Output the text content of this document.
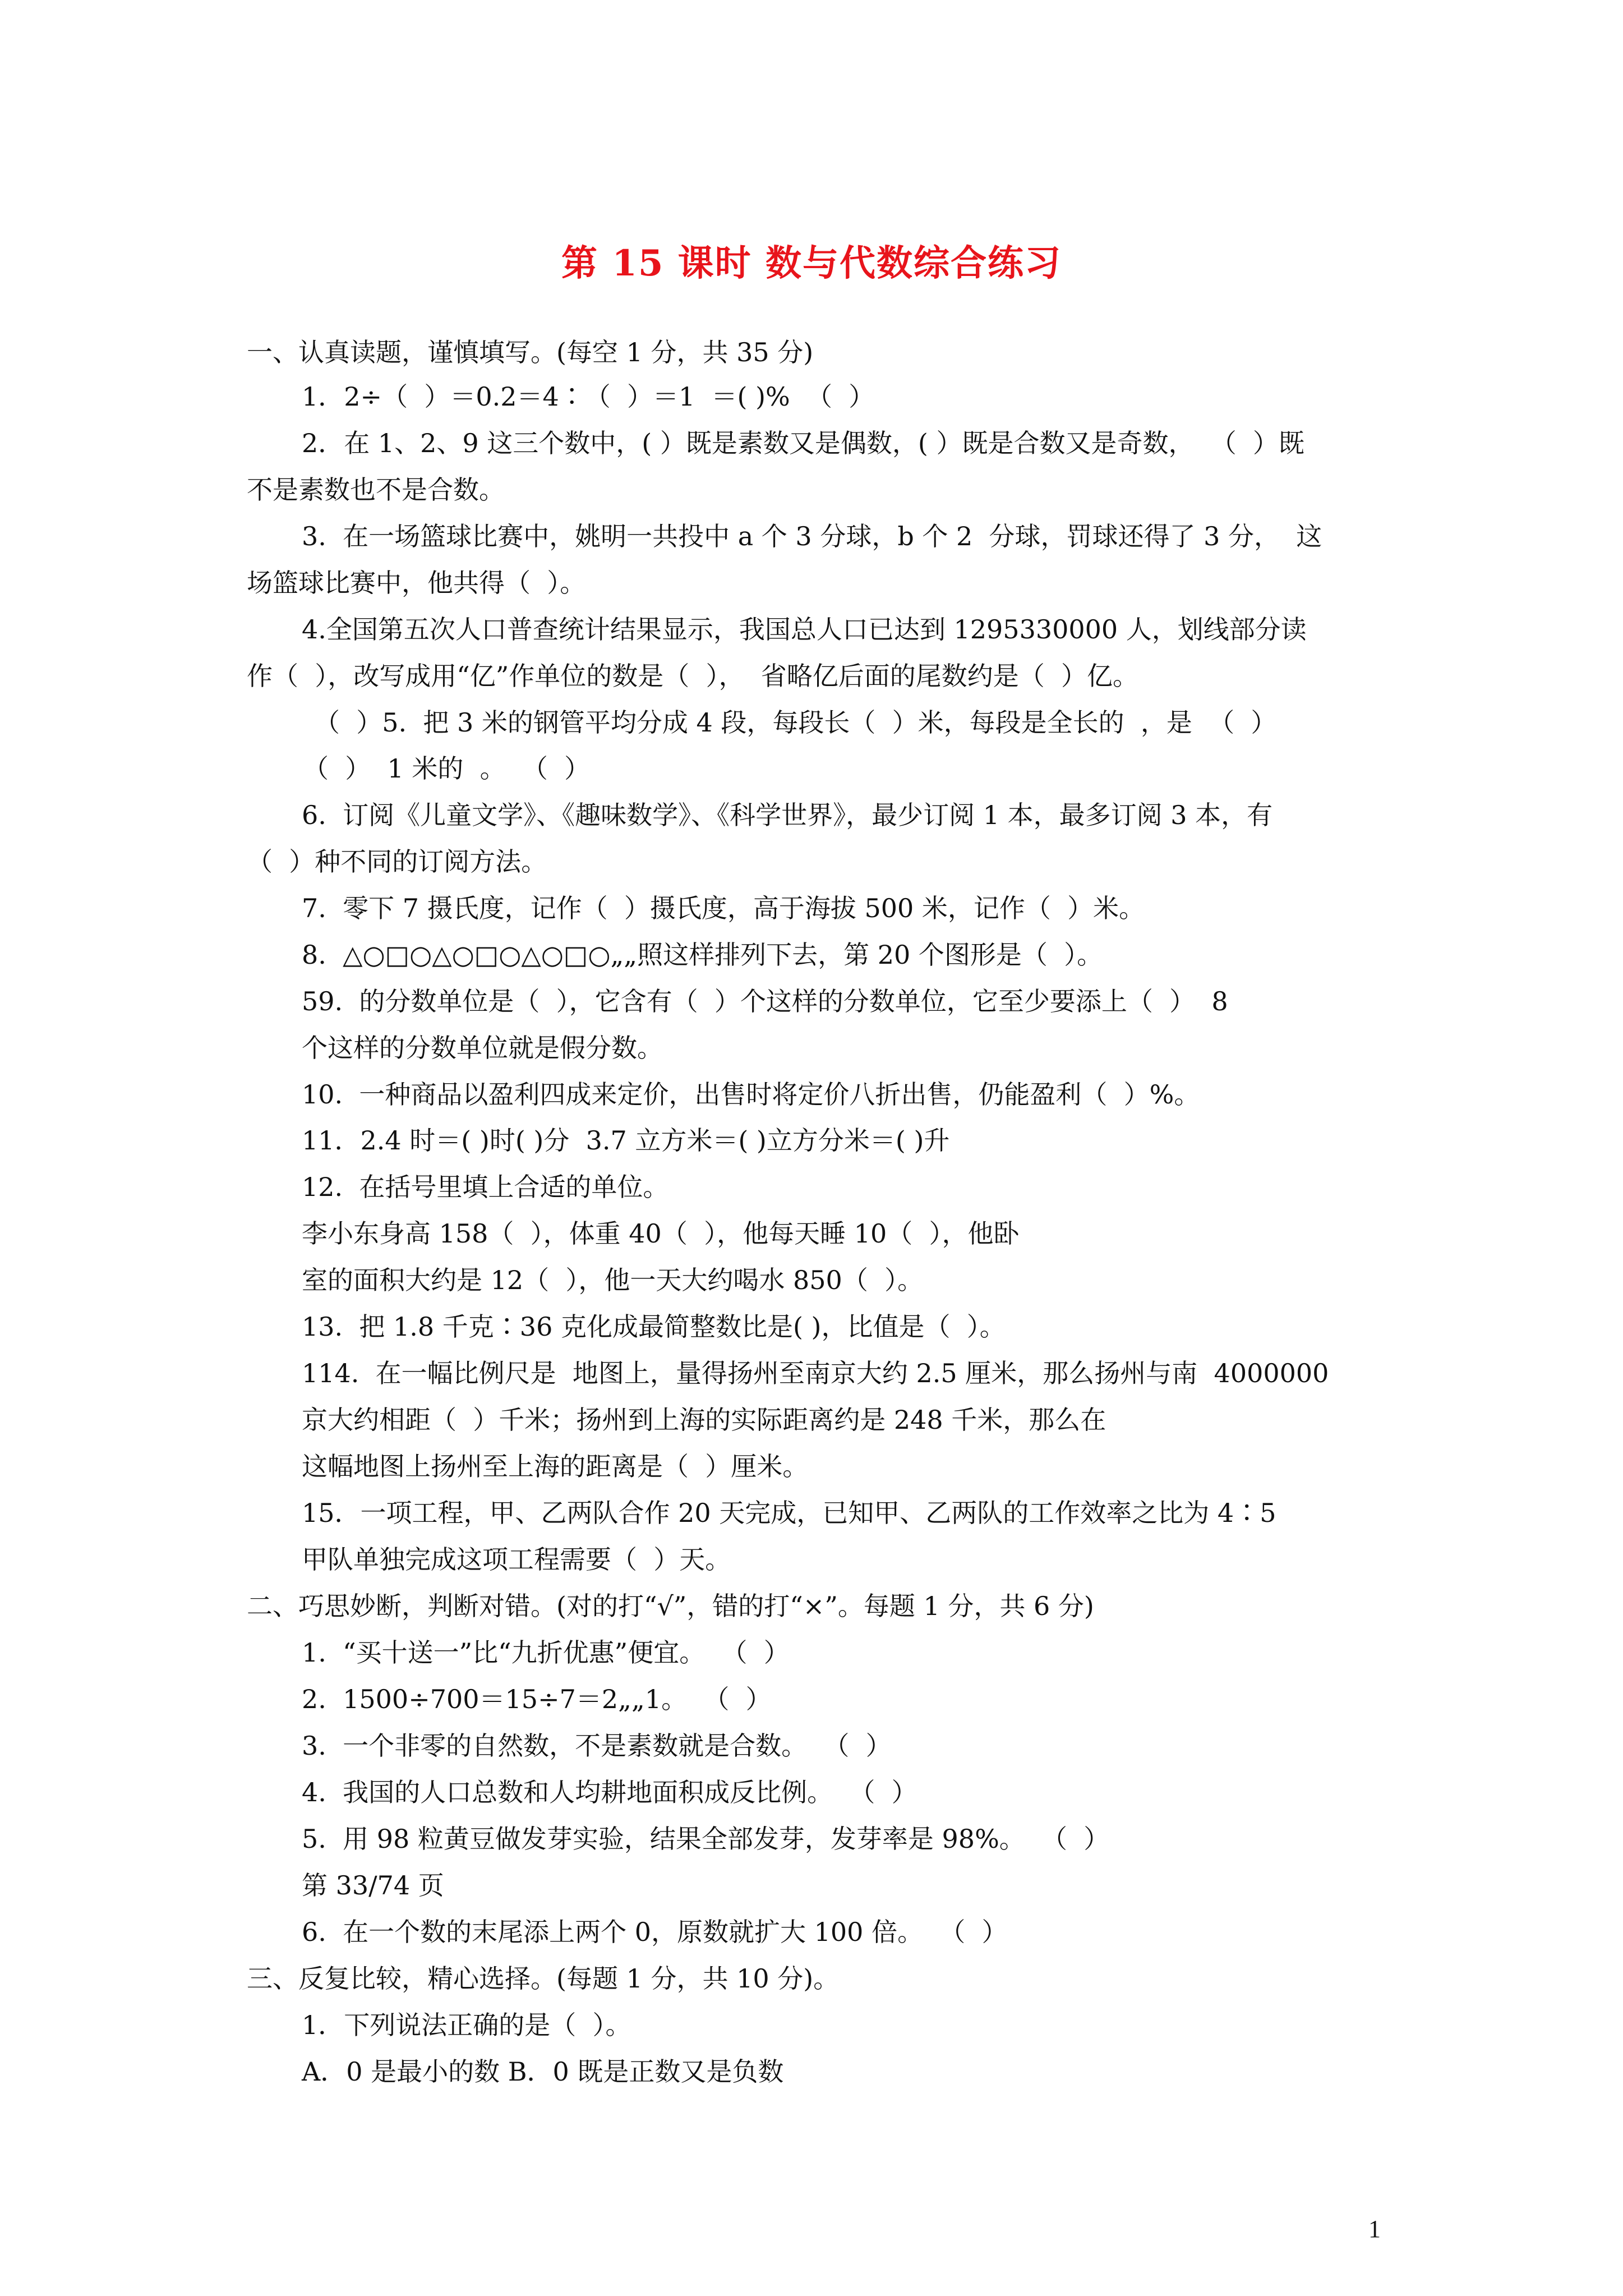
第 15 课时 数与代数综合练习
一、认真读题，谨慎填写。(每空 1 分，共 35 分)
1．2÷（  ）＝0.2＝4∶（  ）＝1  ＝( )%  （  ）
2．在 1、2、9 这三个数中，( ）既是素数又是偶数，( ）既是合数又是奇数，  （  ）既
不是素数也不是合数。
3.  在一场篮球比赛中，姚明一共投中 a 个 3 分球，b 个 2  分球，罚球还得了 3 分，  这
场篮球比赛中，他共得（  ）。
4.全国第五次人口普查统计结果显示，我国总人口已达到 1295330000 人，划线部分读
作（  ），改写成用“亿”作单位的数是（  ），  省略亿后面的尾数约是（  ）亿。
（  ）5.  把 3 米的钢管平均分成 4 段，每段长（  ）米，每段是全长的  ，是  （  ）
（  ）  1 米的  。  （  ）
6.  订阅《儿童文学》、《趣味数学》、《科学世界》，最少订阅 1 本，最多订阅 3 本，有
（  ）种不同的订阅方法。
7.  零下 7 摄氏度，记作（  ）摄氏度，高于海拔 500 米，记作（  ）米。
8.  △○□○△○□○△○□○„„照这样排列下去，第 20 个图形是（  ）。
59.  的分数单位是（  ），它含有（  ）个这样的分数单位，它至少要添上（  ）  8
个这样的分数单位就是假分数。
10.  一种商品以盈利四成来定价，出售时将定价八折出售，仍能盈利（  ）%。
11．2.4 时＝( )时( )分  3.7 立方米＝( )立方分米＝( )升
12.  在括号里填上合适的单位。
李小东身高 158（  ），体重 40（  ），他每天睡 10（  ），他卧
室的面积大约是 12（  ），他一天大约喝水 850（  ）。
13.  把 1.8 千克∶36 克化成最简整数比是( )，比值是（  ）。
114.  在一幅比例尺是  地图上，量得扬州至南京大约 2.5 厘米，那么扬州与南  4000000
京大约相距（  ）千米；扬州到上海的实际距离约是 248 千米，那么在
这幅地图上扬州至上海的距离是（  ）厘米。
15．一项工程，甲、乙两队合作 20 天完成，已知甲、乙两队的工作效率之比为 4∶5
甲队单独完成这项工程需要（  ）天。
二、巧思妙断，判断对错。(对的打“√”，错的打“×”。每题 1 分，共 6 分)
1.  “买十送一”比“九折优惠”便宜。  （  ）
2.  1500÷700＝15÷7＝2„„1。  （  ）
3.  一个非零的自然数，不是素数就是合数。  （  ）
4.  我国的人口总数和人均耕地面积成反比例。  （  ）
5.  用 98 粒黄豆做发芽实验，结果全部发芽，发芽率是 98%。  （  ）
第 33/74 页
6.  在一个数的末尾添上两个 0，原数就扩大 100 倍。  （  ）
三、反复比较，精心选择。(每题 1 分，共 10 分)。
1．下列说法正确的是（  ）。
A．0 是最小的数 B．0 既是正数又是负数
1
